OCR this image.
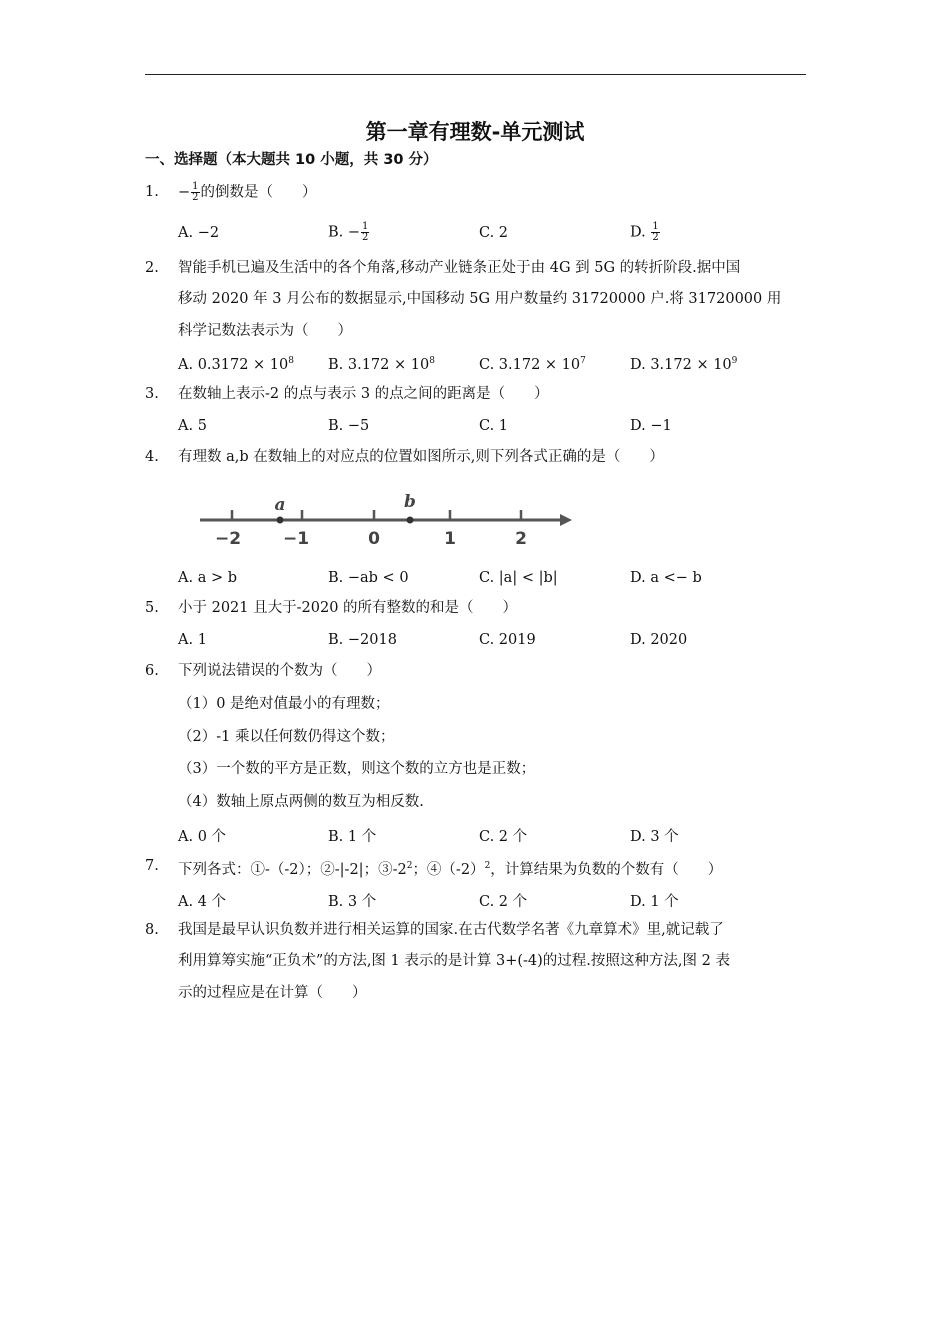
第一章有理数-单元测试
一、选择题（本大题共 10 小题，共 30 分）
1. − $\frac{1}{2}$ 的倒数是（　　）
A. −2	B. − $\frac{1}{2}$	C. 2	D. $\frac{1}{2}$
2. 智能手机已遍及生活中的各个角落,移动产业链条正处于由 4G 到 5G 的转折阶段.据中国
移动 2020 年 3 月公布的数据显示,中国移动 5G 用户数量约 31720000 户.将 31720000 用
科学记数法表示为（　　）
A. $0.3172 \times 10^8$ B. $3.172 \times 10^8$	C. $3.172 \times 10^7$	D. $3.172 \times 10^9$
3. 在数轴上表示-2 的点与表示 3 的点之间的距离是（　　）
A. 5	B. −5	C. 1	D. −1
4. 有理数 a,b 在数轴上的对应点的位置如图所示,则下列各式正确的是（　　）
a	b
−2 −1	0	1	2
A. a > b	B. −ab < 0	C. |a| < |b|	D. a <− b
5. 小于 2021 且大于-2020 的所有整数的和是（　　）
A. 1	B. −2018	C. 2019	D. 2020
6. 下列说法错误的个数为（　　）
（1）0 是绝对值最小的有理数；
（2）-1 乘以任何数仍得这个数；
（3）一个数的平方是正数，则这个数的立方也是正数；
（4）数轴上原点两侧的数互为相反数.
A. 0 个	B. 1 个	C. 2 个	D. 3 个
7. 下列各式：①-（-2）；②-|-2|；$③-2^2$；$④(-2)^2$，计算结果为负数的个数有（　　）
A. 4 个	B. 3 个	C. 2 个	D. 1 个
8. 我国是最早认识负数并进行相关运算的国家.在古代数学名著《九章算术》里,就记载了
利用算筹实施“正负术”的方法,图 1 表示的是计算 3+(-4)的过程.按照这种方法,图 2 表
示的过程应是在计算（　　）
